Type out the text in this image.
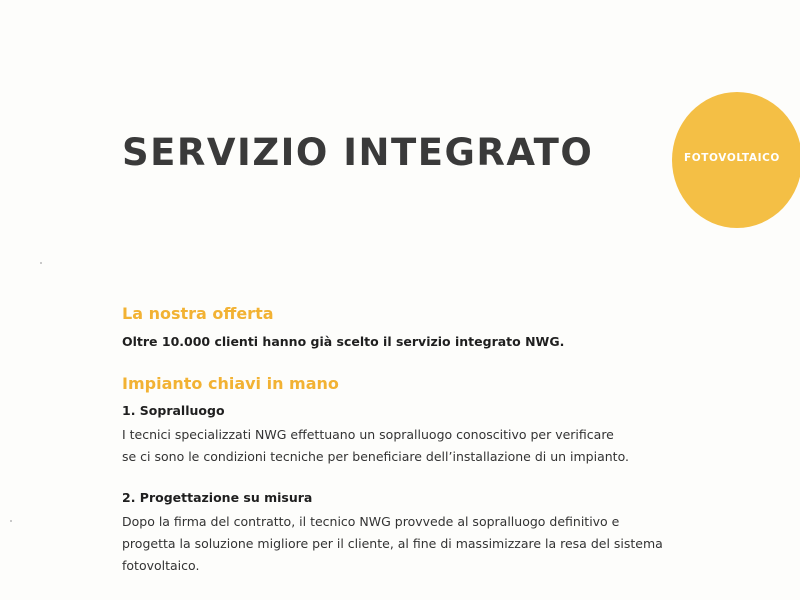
FOTOVOLTAICO
SERVIZIO INTEGRATO
La nostra offerta

Oltre 10.000 clienti hanno già scelto il servizio integrato NWG.

Impianto chiavi in mano

1. Sopralluogo

I tecnici specializzati NWG effettuano un sopralluogo conoscitivo per verificare

se ci sono le condizioni tecniche per beneficiare dell’installazione di un impianto.

2. Progettazione su misura

Dopo la firma del contratto, il tecnico NWG provvede al sopralluogo definitivo e

progetta la soluzione migliore per il cliente, al fine di massimizzare la resa del sistema

fotovoltaico.
